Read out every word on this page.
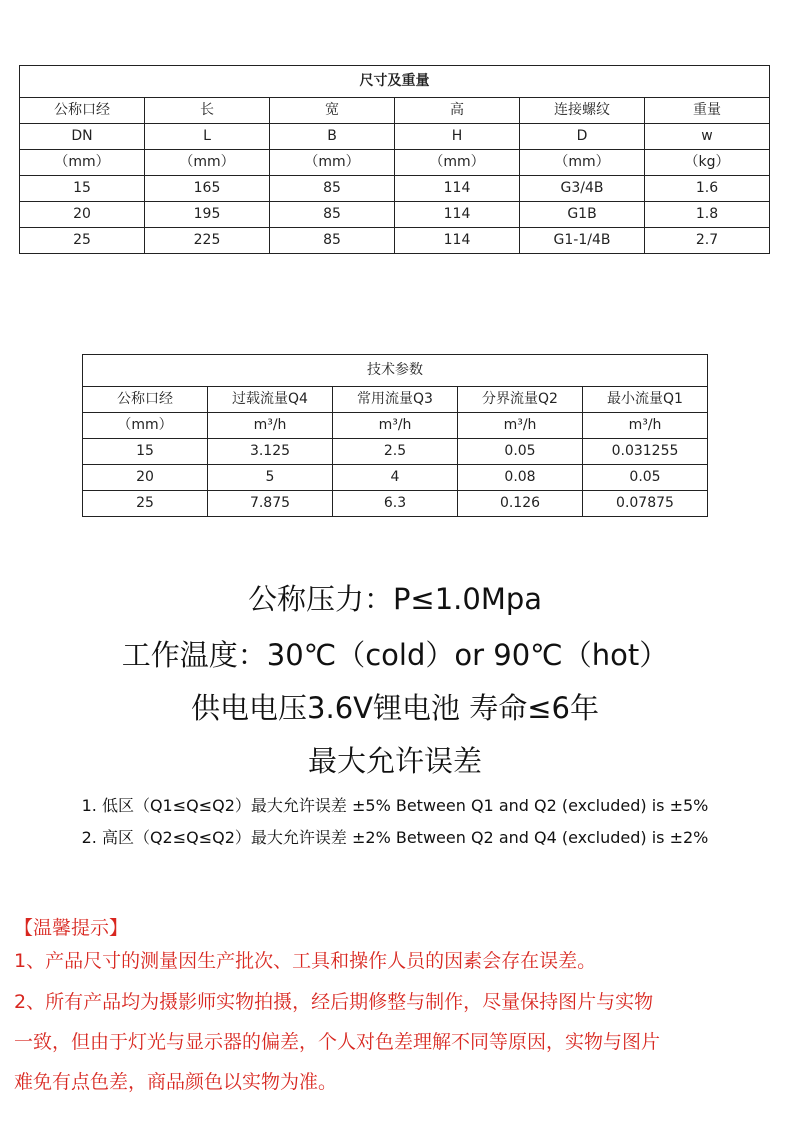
尺寸及重量					
公称口经	长	宽	高	连接螺纹	重量
DN	L	B	H	D	w
（mm）	（mm）	（mm）	（mm）	（mm）	（kg）
15	165	85	114	G3/4B	1.6
20	195	85	114	G1B	1.8
25	225	85	114	G1-1/4B	2.7
技术参数				
公称口经	过载流量Q4	常用流量Q3	分界流量Q2	最小流量Q1
（mm）	m³/h	m³/h	m³/h	m³/h
15	3.125	2.5	0.05	0.031255
20	5	4	0.08	0.05
25	7.875	6.3	0.126	0.07875
公称压力：P≤1.0Mpa
工作温度：30℃（cold）or 90℃（hot）
供电电压3.6V锂电池 寿命≤6年
最大允许误差
1. 低区（Q1≤Q≤Q2）最大允许误差 ±5% Between Q1 and Q2 (excluded) is ±5%
2. 高区（Q2≤Q≤Q2）最大允许误差 ±2% Between Q2 and Q4 (excluded) is ±2%
【温馨提示】
1、产品尺寸的测量因生产批次、工具和操作人员的因素会存在误差。
2、所有产品均为摄影师实物拍摄，经后期修整与制作，尽量保持图片与实物
一致，但由于灯光与显示器的偏差，个人对色差理解不同等原因，实物与图片
难免有点色差，商品颜色以实物为准。
